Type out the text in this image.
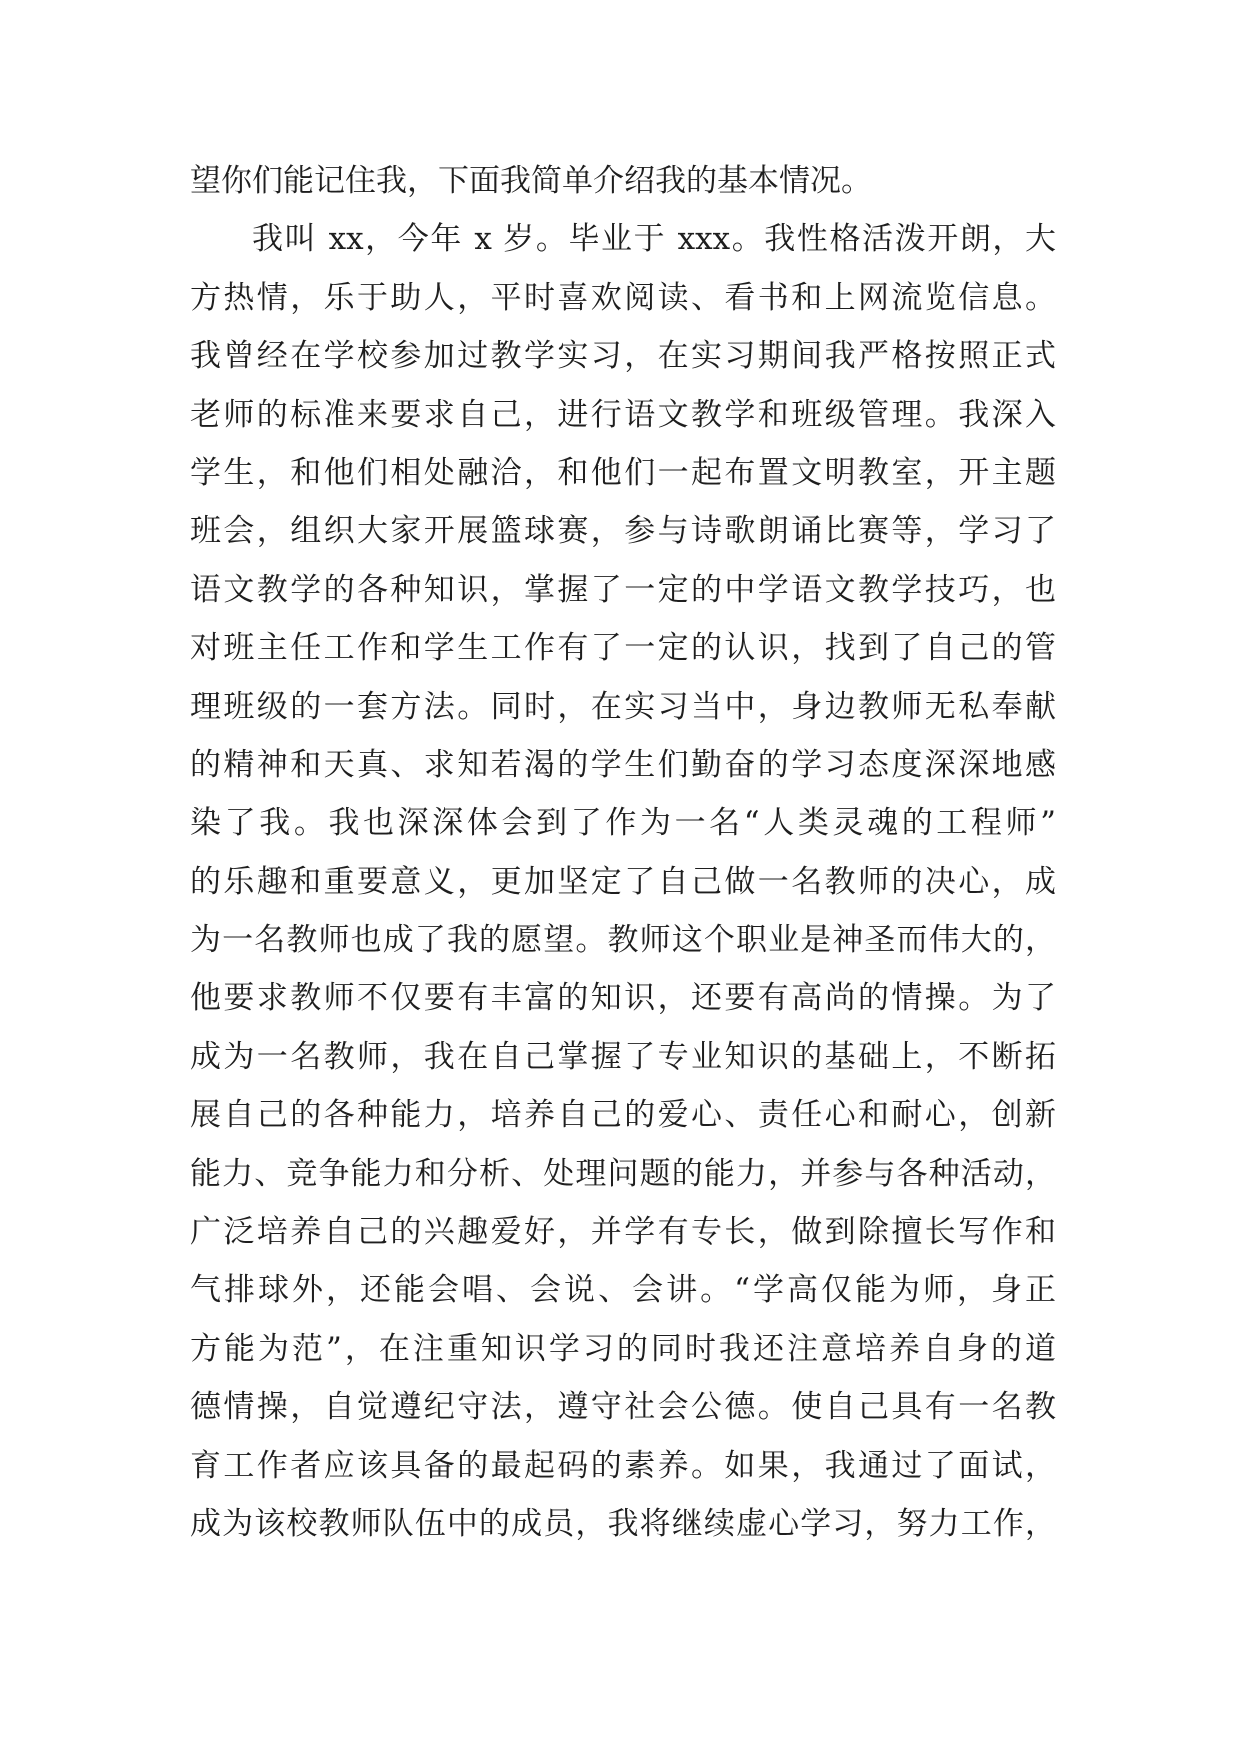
望你们能记住我，下面我简单介绍我的基本情况。
我叫 xx，今年 x 岁。毕业于 xxx。我性格活泼开朗，大
方热情，乐于助人，平时喜欢阅读、看书和上网流览信息。
我曾经在学校参加过教学实习，在实习期间我严格按照正式
老师的标准来要求自己，进行语文教学和班级管理。我深入
学生，和他们相处融洽，和他们一起布置文明教室，开主题
班会，组织大家开展篮球赛，参与诗歌朗诵比赛等，学习了
语文教学的各种知识，掌握了一定的中学语文教学技巧，也
对班主任工作和学生工作有了一定的认识，找到了自己的管
理班级的一套方法。同时，在实习当中，身边教师无私奉献
的精神和天真、求知若渴的学生们勤奋的学习态度深深地感
染了我。我也深深体会到了作为一名“人类灵魂的工程师”
的乐趣和重要意义，更加坚定了自己做一名教师的决心，成
为一名教师也成了我的愿望。教师这个职业是神圣而伟大的，
他要求教师不仅要有丰富的知识，还要有高尚的情操。为了
成为一名教师，我在自己掌握了专业知识的基础上，不断拓
展自己的各种能力，培养自己的爱心、责任心和耐心，创新
能力、竞争能力和分析、处理问题的能力，并参与各种活动，
广泛培养自己的兴趣爱好，并学有专长，做到除擅长写作和
气排球外，还能会唱、会说、会讲。“学高仅能为师，身正
方能为范”，在注重知识学习的同时我还注意培养自身的道
德情操，自觉遵纪守法，遵守社会公德。使自己具有一名教
育工作者应该具备的最起码的素养。如果，我通过了面试，
成为该校教师队伍中的成员，我将继续虚心学习，努力工作，
